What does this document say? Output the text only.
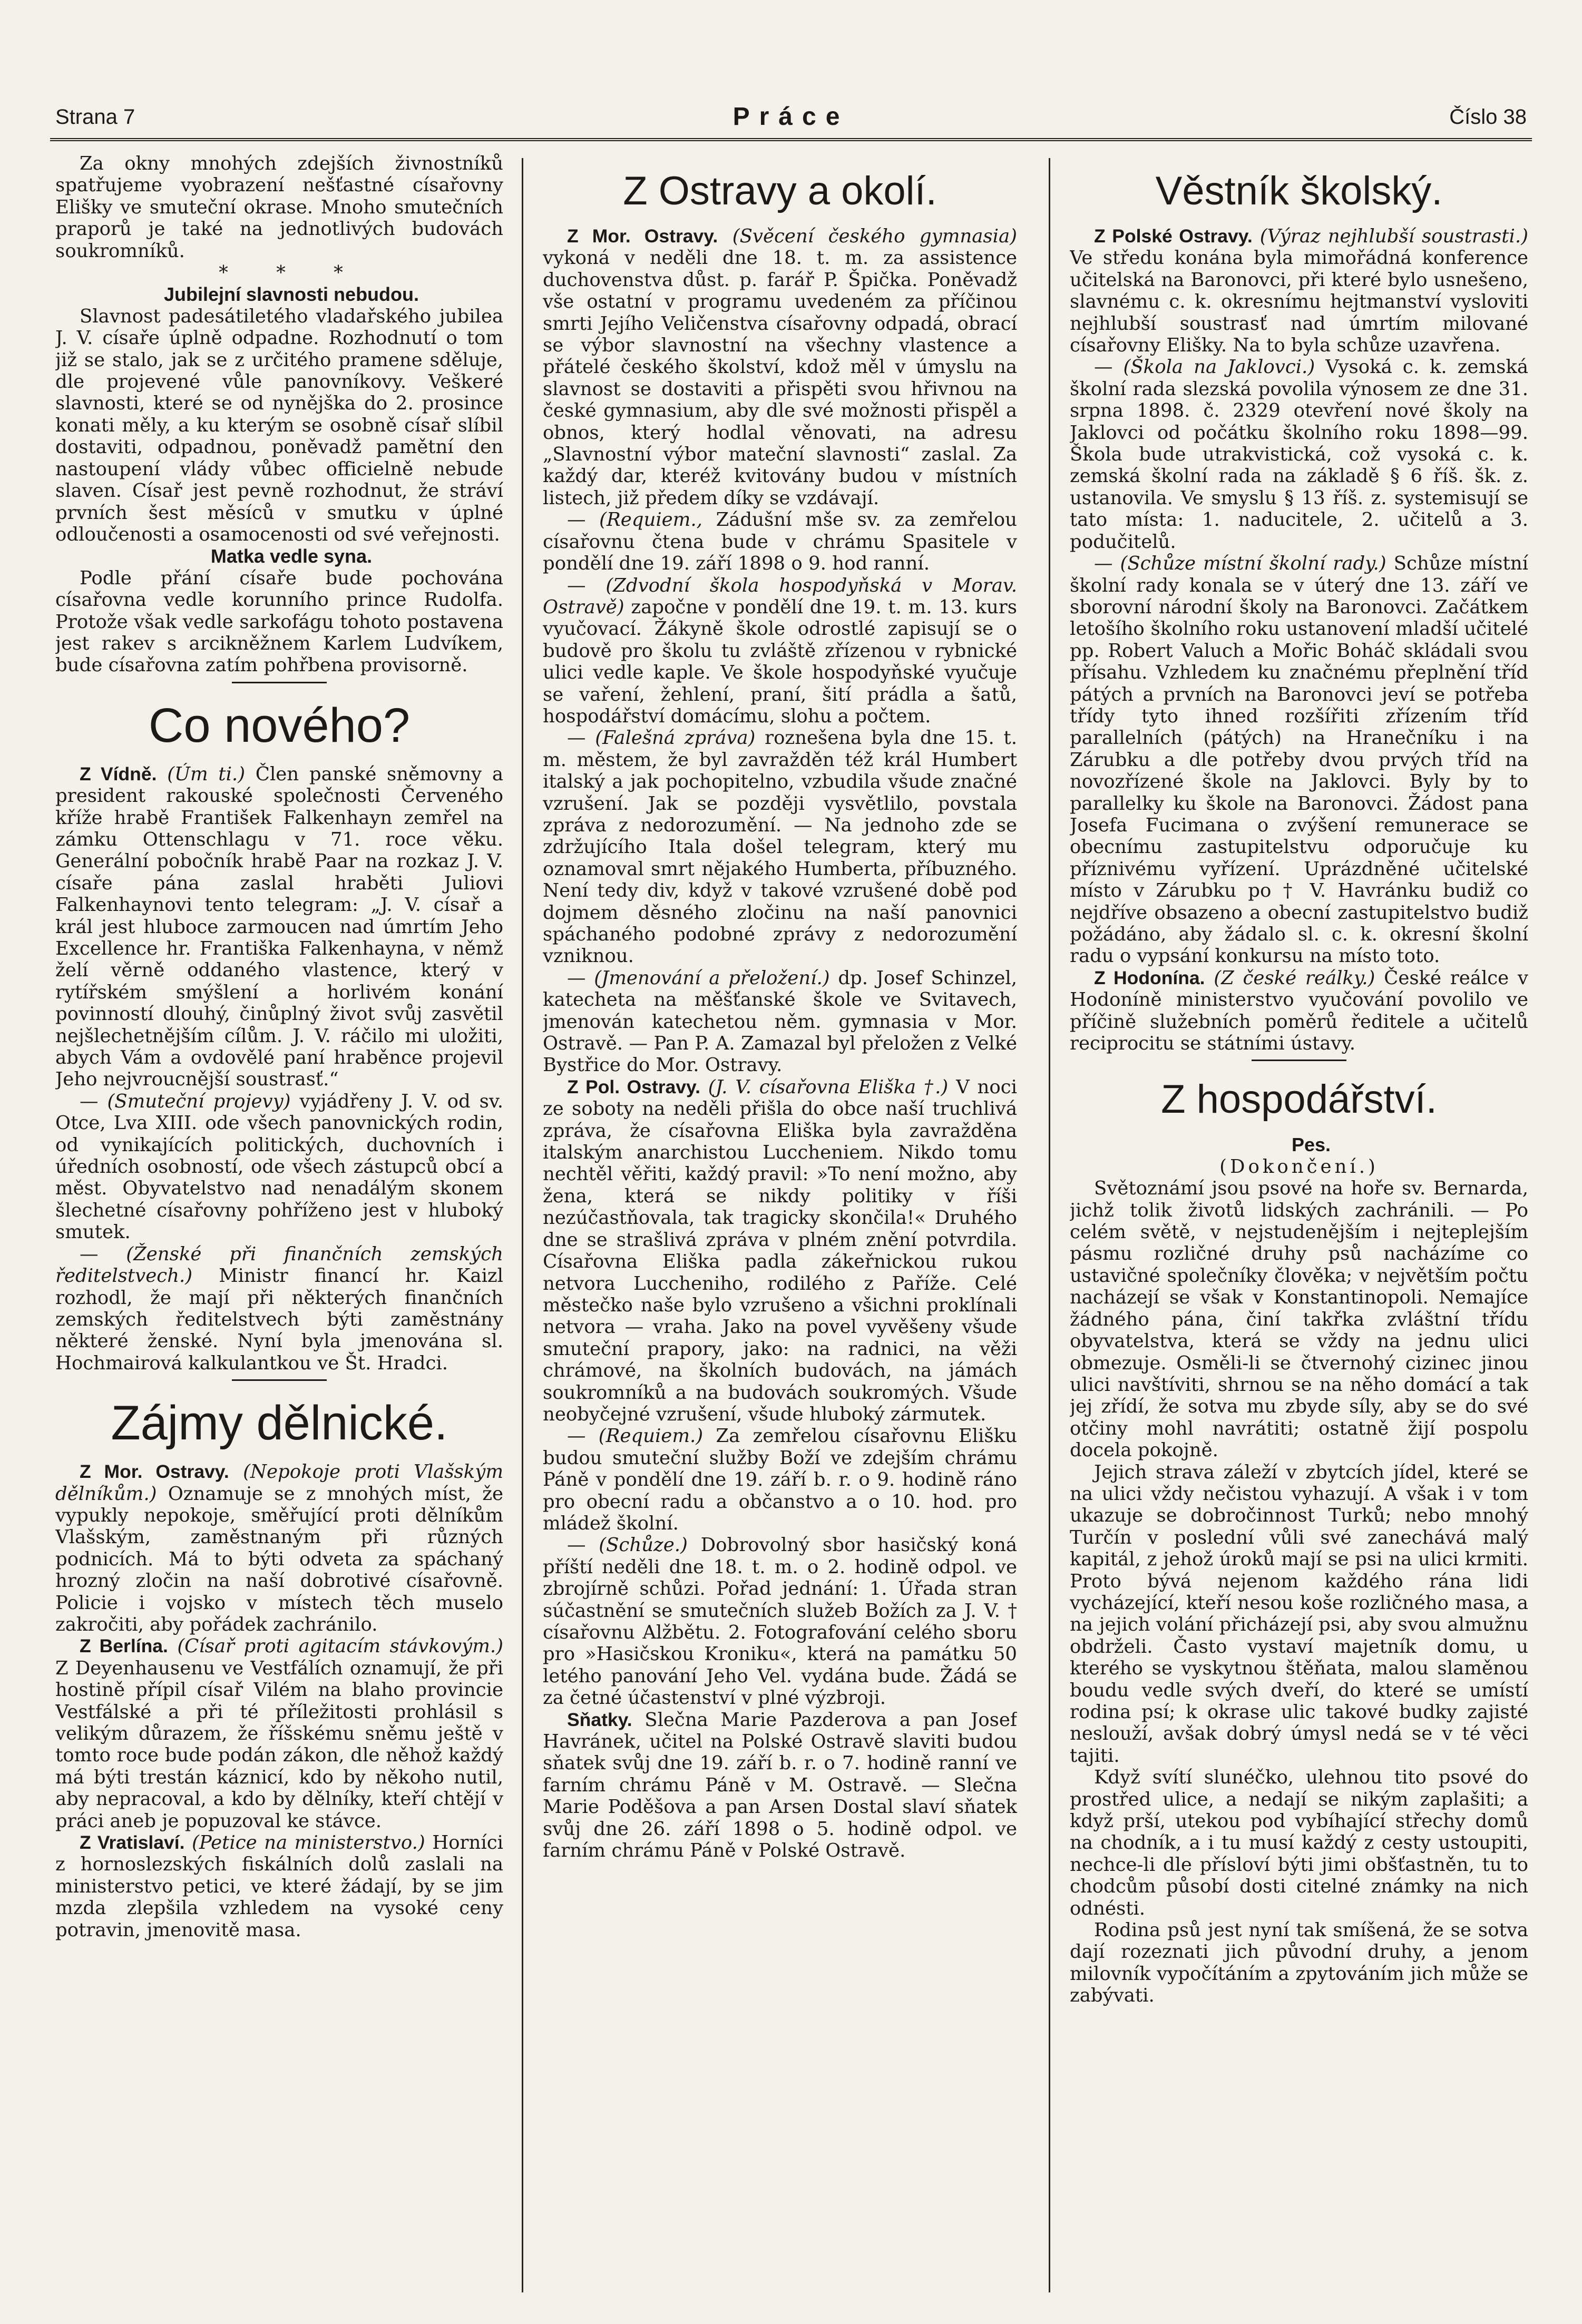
Strana 7	Práce	Číslo 38

Za okny mnohých zdejších živnostníků spatřujeme vyobrazení nešťastné císařovny Elišky ve smuteční okrase. Mnoho smutečních praporů je také na jednotlivých budovách soukromníků.

* * *

Jubilejní slavnosti nebudou.

Slavnost padesátiletého vladařského jubilea J. V. císaře úplně odpadne. Rozhodnutí o tom již se stalo, jak se z určitého pramene sděluje, dle projevené vůle panovníkovy. Veškeré slavnosti, které se od nynějška do 2. prosince konati měly, a ku kterým se osobně císař slíbil dostaviti, odpadnou, poněvadž pamětní den nastoupení vlády vůbec officielně nebude slaven. Císař jest pevně rozhodnut, že stráví prvních šest měsíců v smutku v úplné odloučenosti a osamocenosti od své veřejnosti.

Matka vedle syna.

Podle přání císaře bude pochována císařovna vedle korunního prince Rudolfa. Protože však vedle sarkofágu tohoto postavena jest rakev s arcikněžnem Karlem Ludvíkem, bude císařovna zatím pohřbena provisorně.

Co nového?

Z Vídně. (Úm ti.) Člen panské sněmovny a president rakouské společnosti Červeného kříže hrabě František Falkenhayn zemřel na zámku Ottenschlagu v 71. roce věku. Generální pobočník hrabě Paar na rozkaz J. V. císaře pána zaslal hraběti Juliovi Falkenhaynovi tento telegram: „J. V. císař a král jest hluboce zarmoucen nad úmrtím Jeho Excellence hr. Františka Falkenhayna, v němž želí věrně oddaného vlastence, který v rytířském smýšlení a horlivém konání povinností dlouhý, činůplný život svůj zasvětil nejšlechetnějším cílům. J. V. ráčilo mi uložiti, abych Vám a ovdovělé paní hraběnce projevil Jeho nejvroucnější soustrasť.“

— (Smuteční projevy) vyjádřeny J. V. od sv. Otce, Lva XIII. ode všech panovnických rodin, od vynikajících politických, duchovních i úředních osobností, ode všech zástupců obcí a měst. Obyvatelstvo nad nenadálým skonem šlechetné císařovny pohříženo jest v hluboký smutek.

— (Ženské při finančních zemských ředitelstvech.) Ministr financí hr. Kaizl rozhodl, že mají při některých finančních zemských ředitelstvech býti zaměstnány některé ženské. Nyní byla jmenována sl. Hochmairová kalkulantkou ve Št. Hradci.

Zájmy dělnické.

Z Mor. Ostravy. (Nepokoje proti Vlašským dělníkům.) Oznamuje se z mnohých míst, že vypukly nepokoje, směřující proti dělníkům Vlašským, zaměstnaným při různých podnicích. Má to býti odveta za spáchaný hrozný zločin na naší dobrotivé císařovně. Policie i vojsko v místech těch muselo zakročiti, aby pořádek zachránilo.

Z Berlína. (Císař proti agitacím stávkovým.) Z Deyenhausenu ve Vestfálích oznamují, že při hostině přípil císař Vilém na blaho provincie Vestfálské a při té příležitosti prohlásil s velikým důrazem, že říšskému sněmu ještě v tomto roce bude podán zákon, dle něhož každý má býti trestán káznicí, kdo by někoho nutil, aby nepracoval, a kdo by dělníky, kteří chtějí v práci aneb je popuzoval ke stávce.

Z Vratislaví. (Petice na ministerstvo.) Horníci z hornoslezských fiskálních dolů zaslali na ministerstvo petici, ve které žádají, by se jim mzda zlepšila vzhledem na vysoké ceny potravin, jmenovitě masa.

Z Ostravy a okolí.

Z Mor. Ostravy. (Svěcení českého gymnasia) vykoná v neděli dne 18. t. m. za assistence duchovenstva důst. p. farář P. Špička. Poněvadž vše ostatní v programu uvedeném za příčinou smrti Jejího Veličenstva císařovny odpadá, obrací se výbor slavnostní na všechny vlastence a přátelé českého školství, kdož měl v úmyslu na slavnost se dostaviti a přispěti svou hřivnou na české gymnasium, aby dle své možnosti přispěl a obnos, který hodlal věnovati, na adresu „Slavnostní výbor mateční slavnosti“ zaslal. Za každý dar, kteréž kvitovány budou v místních listech, již předem díky se vzdávají.

— (Requiem., Zádušní mše sv. za zemřelou císařovnu čtena bude v chrámu Spasitele v pondělí dne 19. září 1898 o 9. hod ranní.

— (Zdvodní škola hospodyňská v Morav. Ostravě) započne v pondělí dne 19. t. m. 13. kurs vyučovací. Žákyně škole odrostlé zapisují se o budově pro školu tu zvláště zřízenou v rybnické ulici vedle kaple. Ve škole hospodyňské vyučuje se vaření, žehlení, praní, šití prádla a šatů, hospodářství domácímu, slohu a počtem.

— (Falešná zpráva) roznešena byla dne 15. t. m. městem, že byl zavražděn též král Humbert italský a jak pochopitelno, vzbudila všude značné vzrušení. Jak se později vysvětlilo, povstala zpráva z nedorozumění. — Na jednoho zde se zdržujícího Itala došel telegram, který mu oznamoval smrt nějakého Humberta, příbuzného. Není tedy div, když v takové vzrušené době pod dojmem děsného zločinu na naší panovnici spáchaného podobné zprávy z nedorozumění vzniknou.

— (Jmenování a přeložení.) dp. Josef Schinzel, katecheta na měšťanské škole ve Svitavech, jmenován katechetou něm. gymnasia v Mor. Ostravě. — Pan P. A. Zamazal byl přeložen z Velké Bystřice do Mor. Ostravy.

Z Pol. Ostravy. (J. V. císařovna Eliška †.) V noci ze soboty na neděli přišla do obce naší truchlivá zpráva, že císařovna Eliška byla zavražděna italským anarchistou Luccheniem. Nikdo tomu nechtěl věřiti, každý pravil: »To není možno, aby žena, která se nikdy politiky v říši nezúčastňovala, tak tragicky skončila!« Druhého dne se strašlivá zpráva v plném znění potvrdila. Císařovna Eliška padla zákeřnickou rukou netvora Luccheniho, rodilého z Paříže. Celé městečko naše bylo vzrušeno a všichni proklínali netvora — vraha. Jako na povel vyvěšeny všude smuteční prapory, jako: na radnici, na věži chrámové, na školních budovách, na jámách soukromníků a na budovách soukromých. Všude neobyčejné vzrušení, všude hluboký zármutek.

— (Requiem.) Za zemřelou císařovnu Elišku budou smuteční služby Boží ve zdejším chrámu Páně v pondělí dne 19. září b. r. o 9. hodině ráno pro obecní radu a občanstvo a o 10. hod. pro mládež školní.

— (Schůze.) Dobrovolný sbor hasičský koná příští neděli dne 18. t. m. o 2. hodině odpol. ve zbrojírně schůzi. Pořad jednání: 1. Úřada stran súčastnění se smutečních služeb Božích za J. V. † císařovnu Alžbětu. 2. Fotografování celého sboru pro »Hasičskou Kroniku«, která na památku 50 letého panování Jeho Vel. vydána bude. Žádá se za četné účastenství v plné výzbroji.

Sňatky. Slečna Marie Pazderova a pan Josef Havránek, učitel na Polské Ostravě slaviti budou sňatek svůj dne 19. září b. r. o 7. hodině ranní ve farním chrámu Páně v M. Ostravě. — Slečna Marie Poděšova a pan Arsen Dostal slaví sňatek svůj dne 26. září 1898 o 5. hodině odpol. ve farním chrámu Páně v Polské Ostravě.

Věstník školský.

Z Polské Ostravy. (Výraz nejhlubší soustrasti.) Ve středu konána byla mimořádná konference učitelská na Baronovci, při které bylo usnešeno, slavnému c. k. okresnímu hejtmanství vysloviti nejhlubší soustrasť nad úmrtím milované císařovny Elišky. Na to byla schůze uzavřena.

— (Škola na Jaklovci.) Vysoká c. k. zemská školní rada slezská povolila výnosem ze dne 31. srpna 1898. č. 2329 otevření nové školy na Jaklovci od počátku školního roku 1898—99. Škola bude utrakvistická, což vysoká c. k. zemská školní rada na základě § 6 říš. šk. z. ustanovila. Ve smyslu § 13 říš. z. systemisují se tato místa: 1. naducitele, 2. učitelů a 3. podučitelů.

— (Schůze místní školní rady.) Schůze místní školní rady konala se v úterý dne 13. září ve sborovní národní školy na Baronovci. Začátkem letošího školního roku ustanovení mladší učitelé pp. Robert Valuch a Mořic Boháč skládali svou přísahu. Vzhledem ku značnému přeplnění tříd pátých a prvních na Baronovci jeví se potřeba třídy tyto ihned rozšířiti zřízením tříd parallelních (pátých) na Hranečníku i na Zárubku a dle potřeby dvou prvých tříd na novozřízené škole na Jaklovci. Byly by to parallelky ku škole na Baronovci. Žádost pana Josefa Fucimana o zvýšení remunerace se obecnímu zastupitelstvu odporučuje ku příznivému vyřízení. Uprázdněné učitelské místo v Zárubku po † V. Havránku budiž co nejdříve obsazeno a obecní zastupitelstvo budiž požádáno, aby žádalo sl. c. k. okresní školní radu o vypsání konkursu na místo toto.

Z Hodonína. (Z české reálky.) České reálce v Hodoníně ministerstvo vyučování povolilo ve příčině služebních poměrů ředitele a učitelů reciprocitu se státními ústavy.

Z hospodářství.

Pes.

(Dokončení.)

Světoznámí jsou psové na hoře sv. Bernarda, jichž tolik životů lidských zachránili. — Po celém světě, v nejstudenějším i nejteplejším pásmu rozličné druhy psů nacházíme co ustavičné společníky člověka; v největším počtu nacházejí se však v Konstantinopoli. Nemajíce žádného pána, činí takřka zvláštní třídu obyvatelstva, která se vždy na jednu ulici obmezuje. Osměli-li se čtvernohý cizinec jinou ulici navštíviti, shrnou se na něho domácí a tak jej zřídí, že sotva mu zbyde síly, aby se do své otčiny mohl navrátiti; ostatně žijí pospolu docela pokojně.

Jejich strava záleží v zbytcích jídel, které se na ulici vždy nečistou vyhazují. A však i v tom ukazuje se dobročinnost Turků; nebo mnohý Turčín v poslední vůli své zanechává malý kapitál, z jehož úroků mají se psi na ulici krmiti. Proto bývá nejenom každého rána lidi vycházející, kteří nesou koše rozličného masa, a na jejich volání přicházejí psi, aby svou almužnu obdrželi. Často vystaví majetník domu, u kterého se vyskytnou štěňata, malou slaměnou boudu vedle svých dveří, do které se umístí rodina psí; k okrase ulic takové budky zajisté neslouží, avšak dobrý úmysl nedá se v té věci tajiti.

Když svítí slunéčko, ulehnou tito psové do prostřed ulice, a nedají se nikým zaplašiti; a když prší, utekou pod vybíhající střechy domů na chodník, a i tu musí každý z cesty ustoupiti, nechce-li dle přísloví býti jimi obšťastněn, tu to chodcům působí dosti citelné známky na nich odnésti.

Rodina psů jest nyní tak smíšená, že se sotva dají rozeznati jich původní druhy, a jenom milovník vypočítáním a zpytováním jich může se zabývati.
